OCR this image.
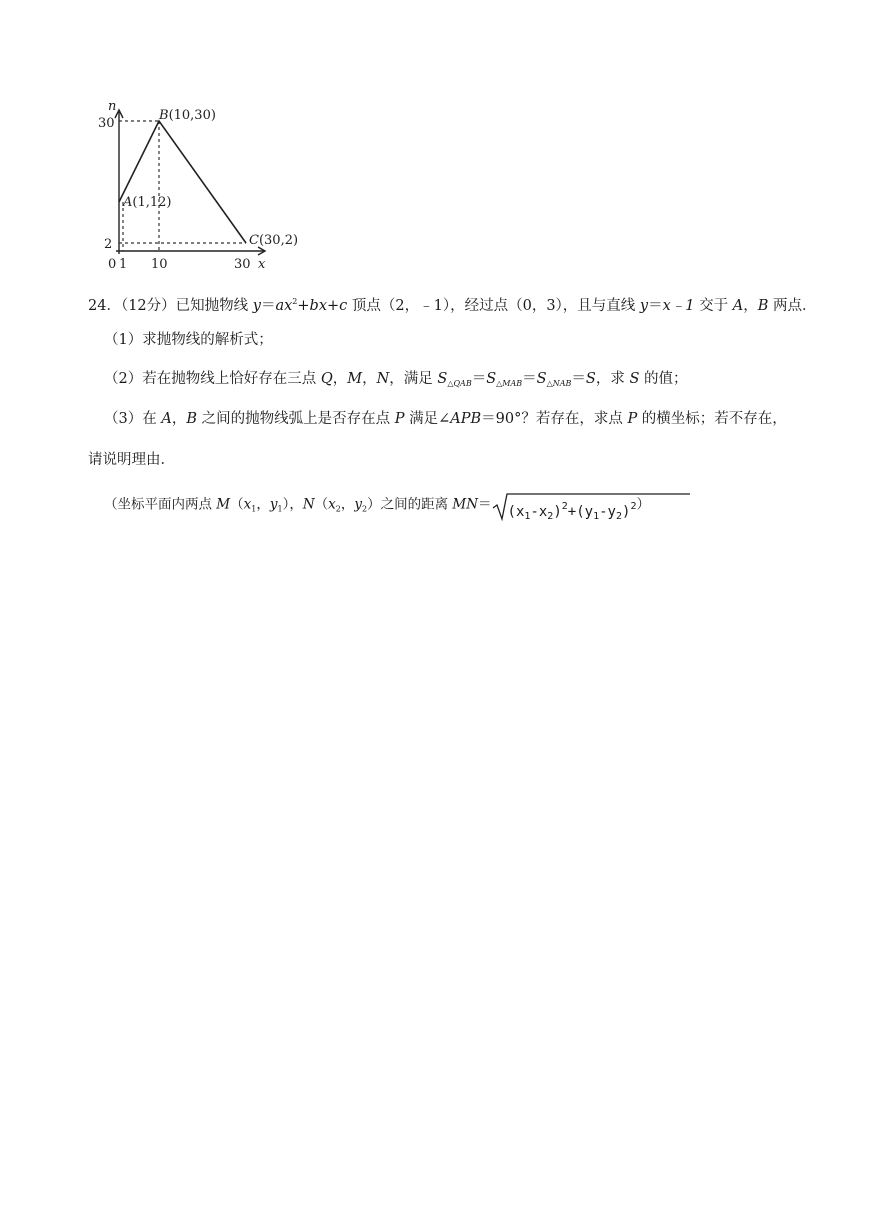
n
30
2
0 1 10	30 x
B(10,30)
A(1,12)
C(30,2)
24．（12分）已知抛物线 $y=ax^2+bx+c$ 顶点（2，﹣1），经过点（0，3），且与直线 y＝x﹣1 交于 A，B 两点．
（1）求抛物线的解析式；
（2）若在抛物线上恰好存在三点 Q，M，N，满足 $S_{\triangle QAB}=S_{\triangle MAB}=S_{\triangle NAB}=S$，求 S 的值；
（3）在 A，B 之间的抛物线弧上是否存在点 P 满足∠APB＝90°？若存在，求点 P 的横坐标；若不存在，
请说明理由．
（坐标平面内两点 $M(x_1$，$y_1$），$N(x_2$，$y_2$）之间的距离 $MN= (x_1-x_2)^2+(y_1-y_2)^2$）
